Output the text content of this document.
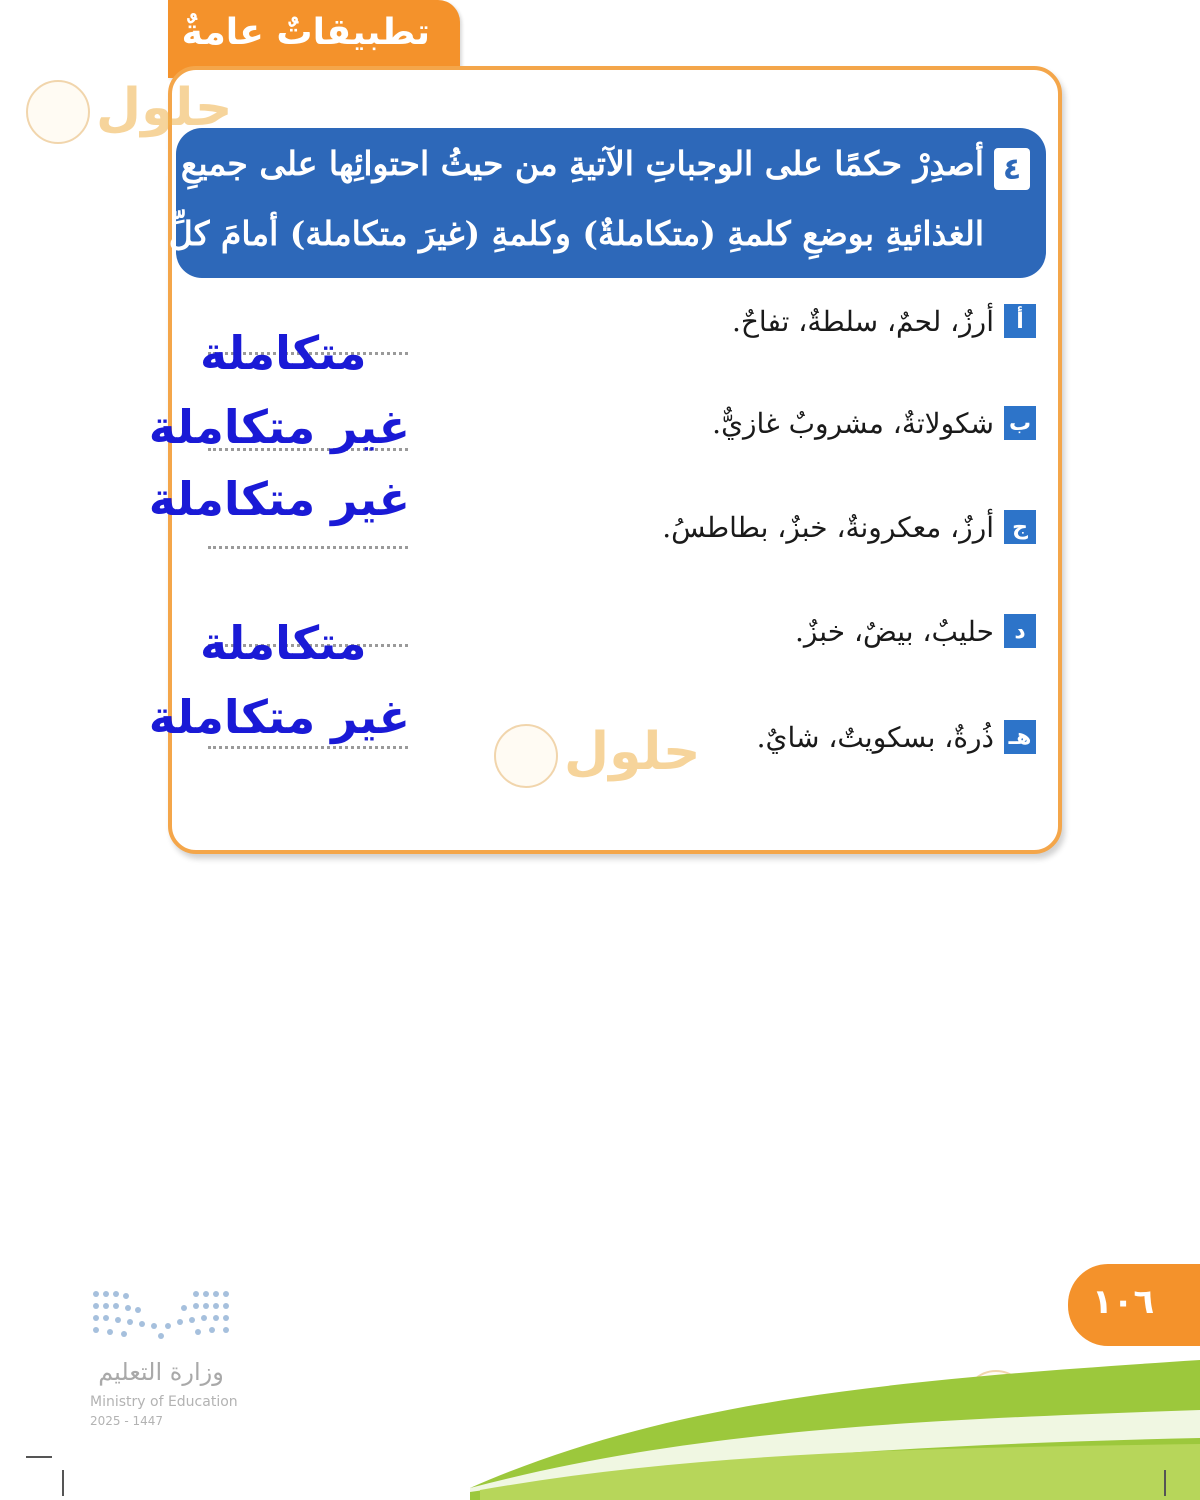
تطبيقاتٌ عامةٌ
٤
أصدِرْ حكمًا على الوجباتِ الآتيةِ من حيثُ احتوائِها على جميعِ الموادِّ
الغذائيةِ بوضعِ كلمةِ (متكاملةٌ) وكلمةِ (غيرَ متكاملة) أمامَ كلِّ وجبةٍ :
أ
أرزٌ، لحمٌ، سلطةٌ، تفاحٌ.
ب
شكولاتةٌ، مشروبٌ غازيٌّ.
ج
أرزٌ، معكرونةٌ، خبزٌ، بطاطسُ.
د
حليبٌ، بيضٌ، خبزٌ.
هـ
ذُرةٌ، بسكويتٌ، شايٌ.
متكاملة
غير متكاملة
غير متكاملة
متكاملة
غير متكاملة
حلول
حلول
١٠٦
وزارة التعليم
Ministry of Education
2025 - 1447
